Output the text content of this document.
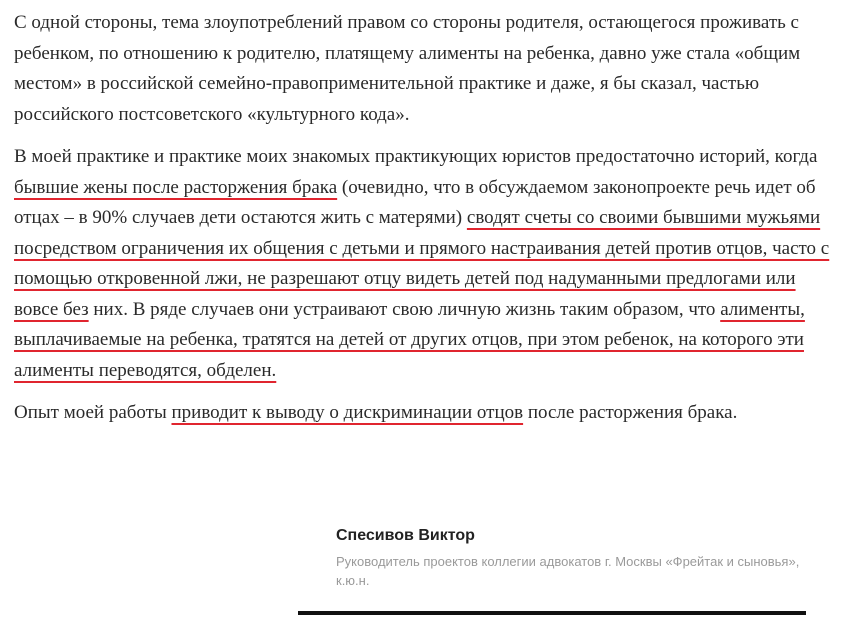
С одной стороны, тема злоупотреблений правом со стороны родителя, остающегося проживать с ребенком, по отношению к родителю, платящему алименты на ребенка, давно уже стала «общим местом» в российской семейно-правоприменительной практике и даже, я бы сказал, частью российского постсоветского «культурного кода».

В моей практике и практике моих знакомых практикующих юристов предостаточно историй, когда бывшие жены после расторжения брака (очевидно, что в обсуждаемом законопроекте речь идет об отцах – в 90% случаев дети остаются жить с матерями) сводят счеты со своими бывшими мужьями посредством ограничения их общения с детьми и прямого настраивания детей против отцов, часто с помощью откровенной лжи, не разрешают отцу видеть детей под надуманными предлогами или вовсе без них. В ряде случаев они устраивают свою личную жизнь таким образом, что алименты, выплачиваемые на ребенка, тратятся на детей от других отцов, при этом ребенок, на которого эти алименты переводятся, обделен.

Опыт моей работы приводит к выводу о дискриминации отцов после расторжения брака.

Спесивов Виктор

Руководитель проектов коллегии адвокатов г. Москвы «Фрейтак и сыновья», к.ю.н.
